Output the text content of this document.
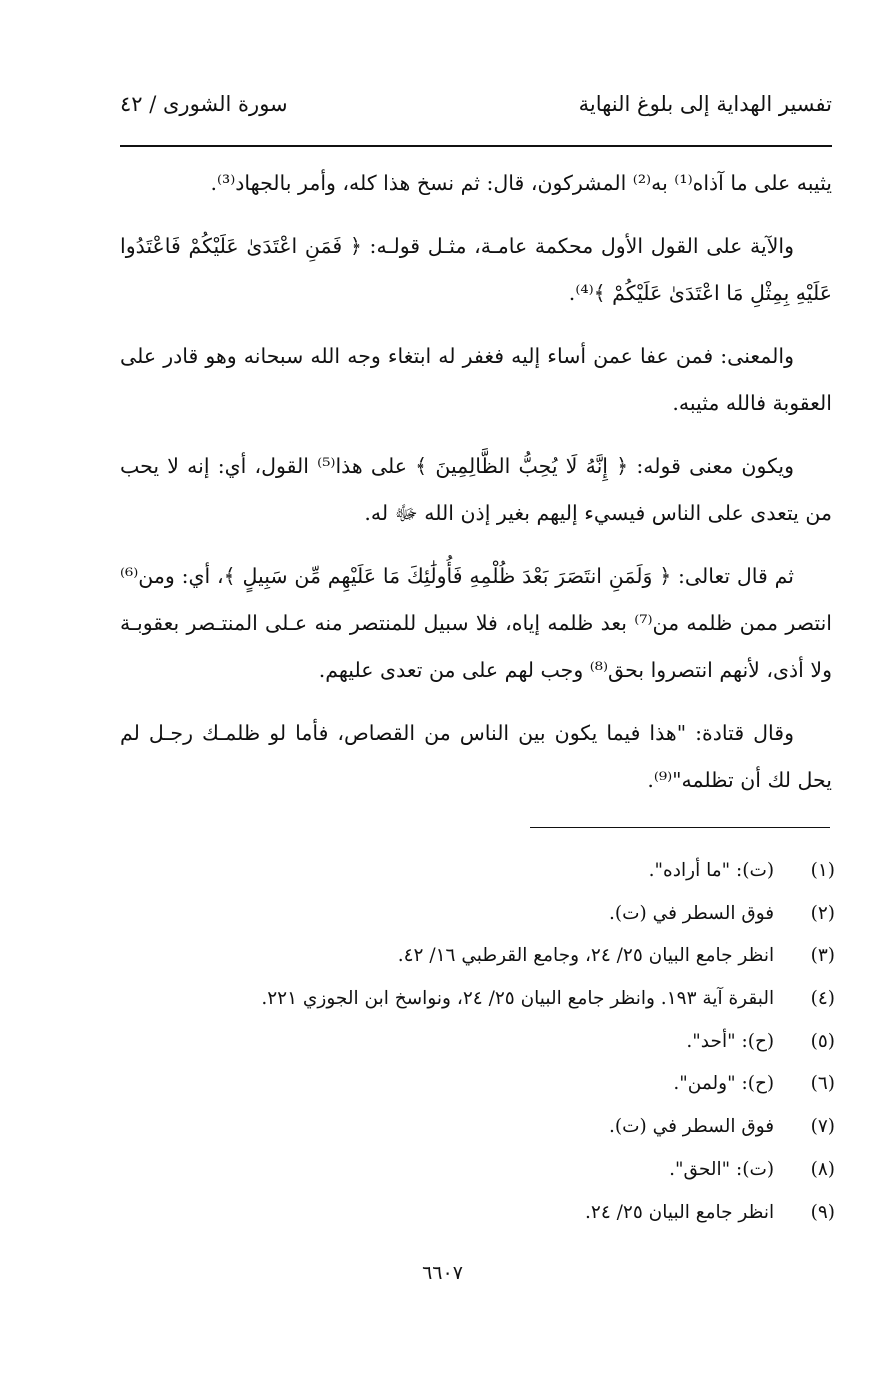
تفسير الهداية إلى بلوغ النهاية
سورة الشورى / ٤٢

يثيبه على ما آذاه⁽¹⁾ به⁽²⁾ المشركون، قال: ثم نسخ هذا كله، وأمر بالجهاد⁽³⁾.

والآية على القول الأول محكمة عامـة، مثـل قولـه: ﴿ فَمَنِ اعْتَدَىٰ عَلَيْكُمْ فَاعْتَدُوا عَلَيْهِ بِمِثْلِ مَا اعْتَدَىٰ عَلَيْكُمْ ﴾⁽⁴⁾.

والمعنى: فمن عفا عمن أساء إليه فغفر له ابتغاء وجه الله سبحانه وهو قادر على العقوبة فالله مثيبه.

ويكون معنى قوله: ﴿ إِنَّهُ لَا يُحِبُّ الظَّالِمِينَ ﴾ على هذا⁽⁵⁾ القول، أي: إنه لا يحب من يتعدى على الناس فيسيء إليهم بغير إذن الله ﷻ له.

ثم قال تعالى: ﴿ وَلَمَنِ انتَصَرَ بَعْدَ ظُلْمِهِ فَأُولَٰئِكَ مَا عَلَيْهِم مِّن سَبِيلٍ ﴾، أي: ومن⁽⁶⁾ انتصر ممن ظلمه من⁽⁷⁾ بعد ظلمه إياه، فلا سبيل للمنتصر منه عـلى المنتـصر بعقوبـة ولا أذى، لأنهم انتصروا بحق⁽⁸⁾ وجب لهم على من تعدى عليهم.

وقال قتادة: "هذا فيما يكون بين الناس من القصاص، فأما لو ظلمـك رجـل لم يحل لك أن تظلمه"⁽⁹⁾.

(١) (ت): "ما أراده".
(٢) فوق السطر في (ت).
(٣) انظر جامع البيان ٢٥/ ٢٤، وجامع القرطبي ١٦/ ٤٢.
(٤) البقرة آية ١٩٣. وانظر جامع البيان ٢٥/ ٢٤، ونواسخ ابن الجوزي ٢٢١.
(٥) (ح): "أحد".
(٦) (ح): "ولمن".
(٧) فوق السطر في (ت).
(٨) (ت): "الحق".
(٩) انظر جامع البيان ٢٥/ ٢٤.
٦٦٠٧
